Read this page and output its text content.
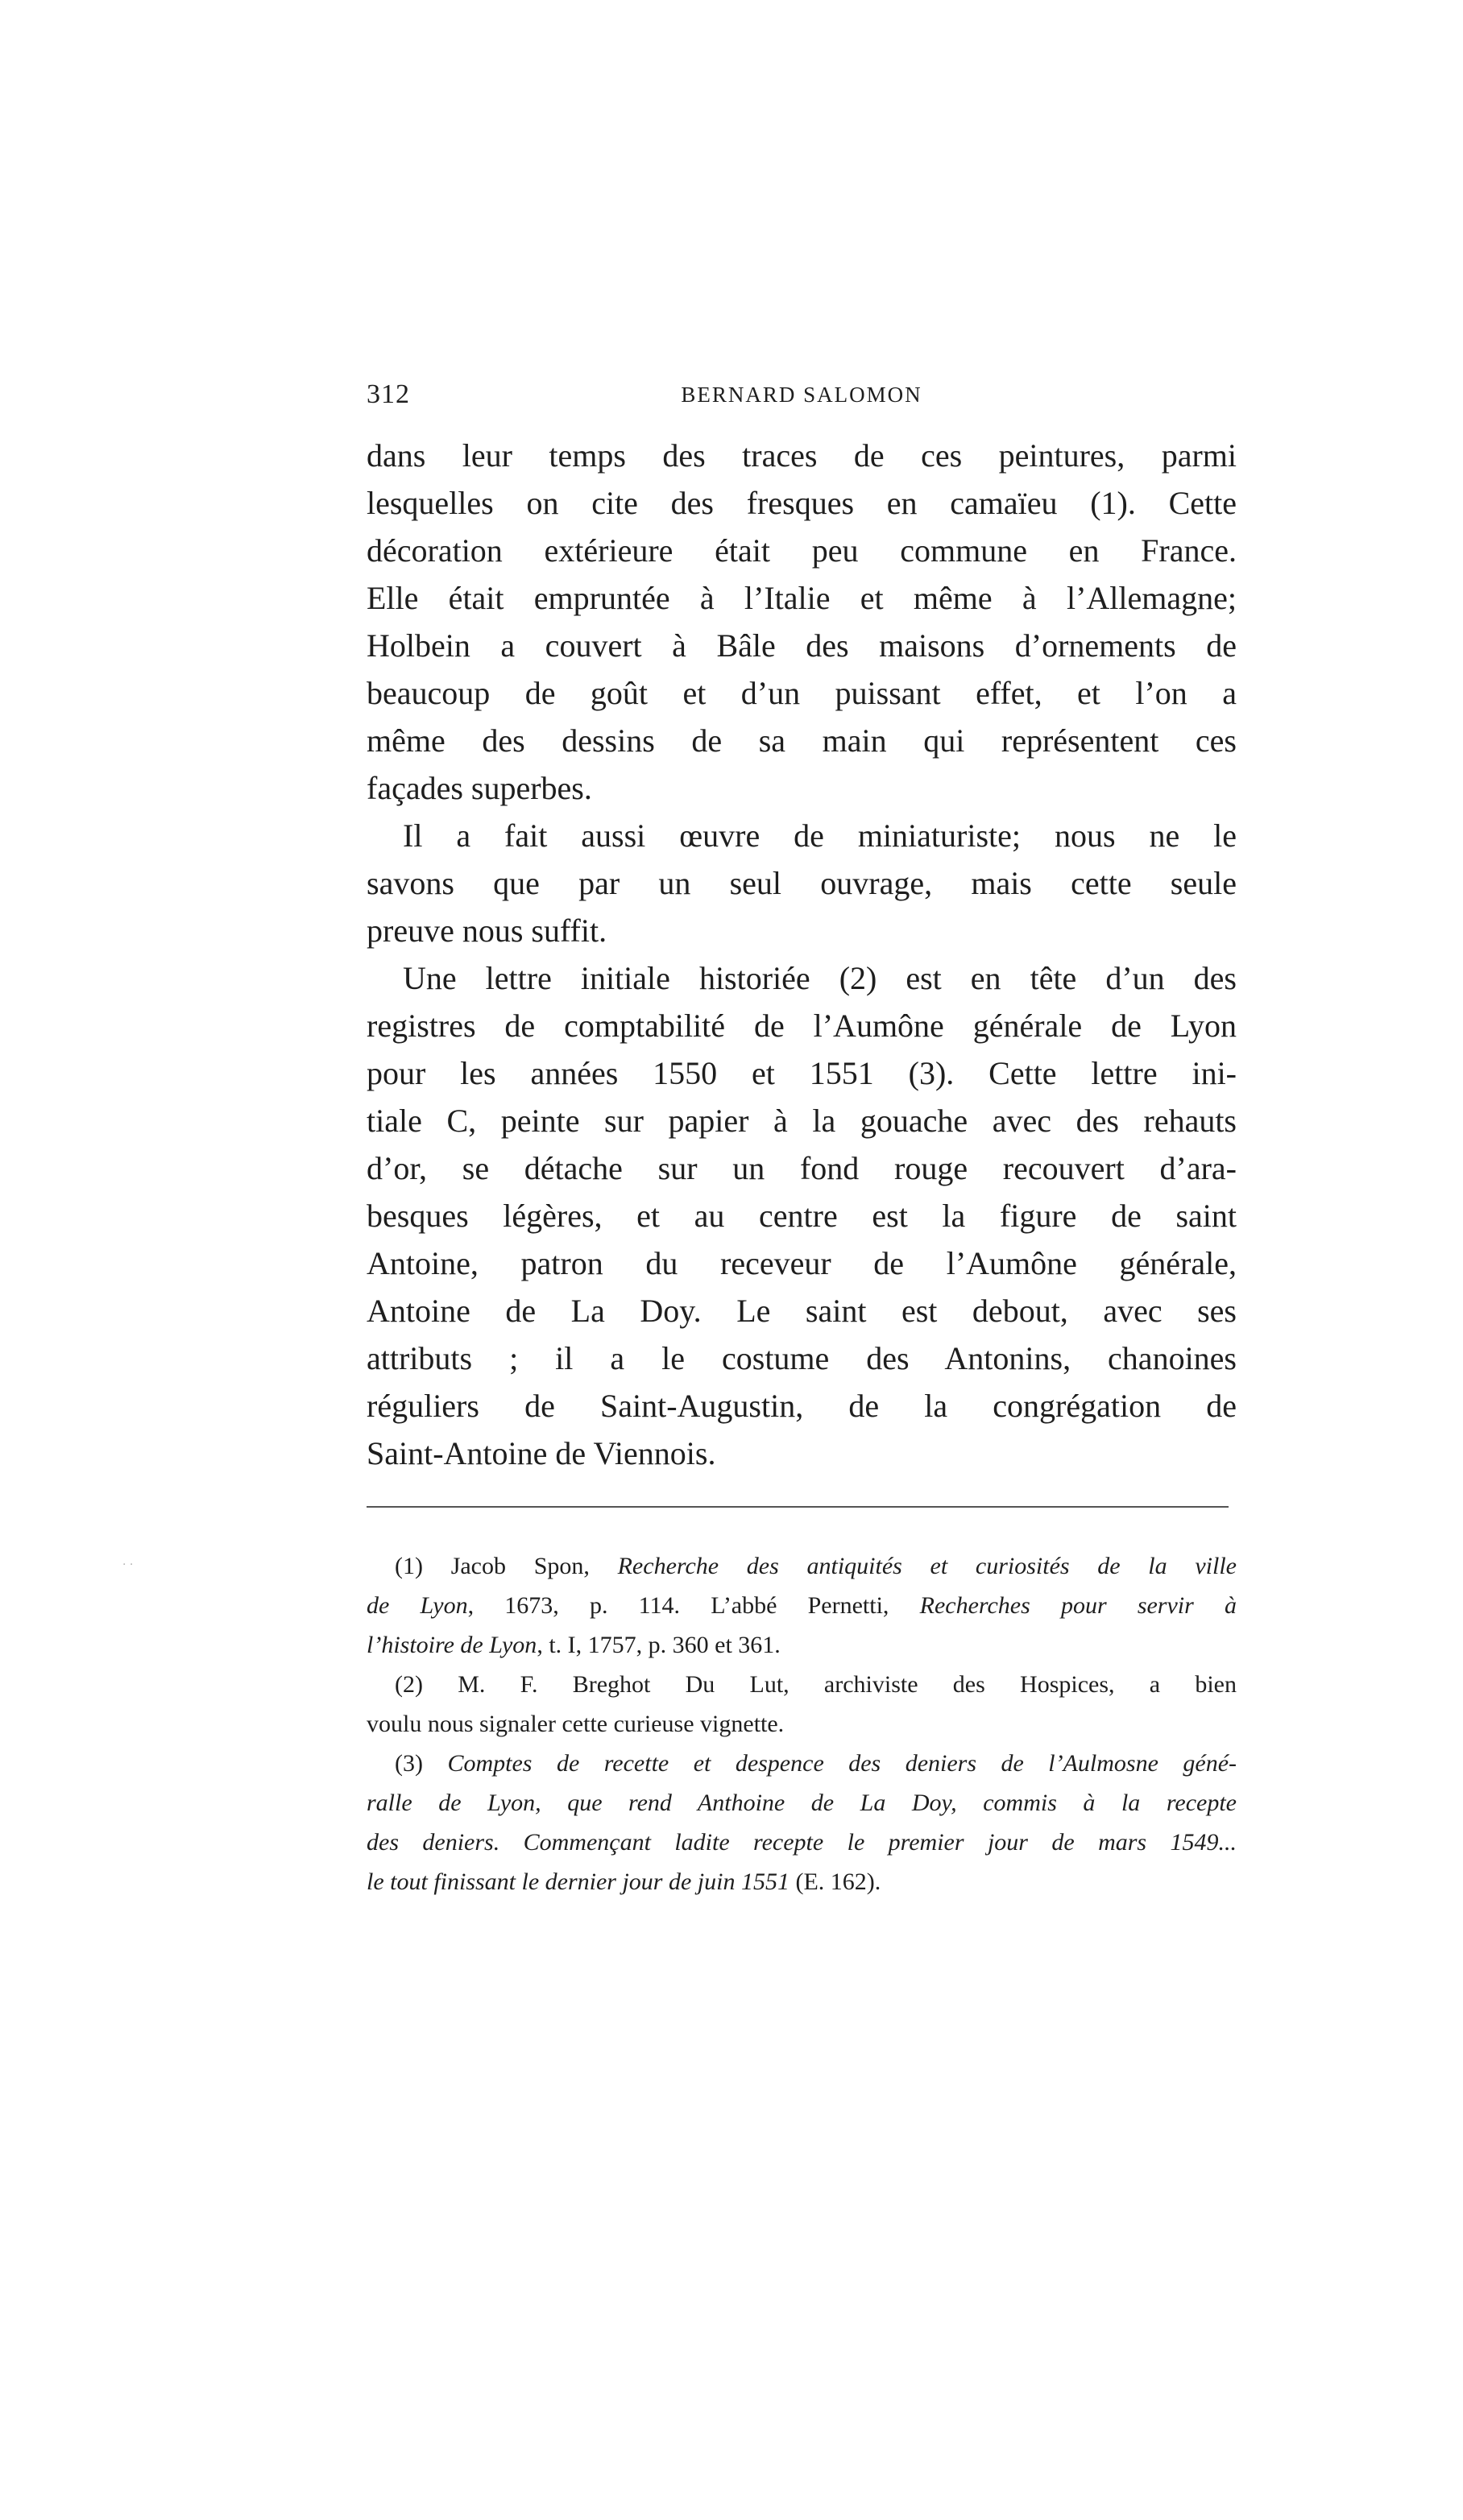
312	BERNARD SALOMON
dans leur temps des traces de ces peintures, parmi
lesquelles on cite des fresques en camaïeu (1). Cette
décoration extérieure était peu commune en France.
Elle était empruntée à l’Italie et même à l’Allemagne;
Holbein a couvert à Bâle des maisons d’ornements de
beaucoup de goût et d’un puissant effet, et l’on a
même des dessins de sa main qui représentent ces
façades superbes.
Il a fait aussi œuvre de miniaturiste; nous ne le
savons que par un seul ouvrage, mais cette seule
preuve nous suffit.
Une lettre initiale historiée (2) est en tête d’un des
registres de comptabilité de l’Aumône générale de Lyon
pour les années 1550 et 1551 (3). Cette lettre ini-
tiale C, peinte sur papier à la gouache avec des rehauts
d’or, se détache sur un fond rouge recouvert d’ara-
besques légères, et au centre est la figure de saint
Antoine, patron du receveur de l’Aumône générale,
Antoine de La Doy. Le saint est debout, avec ses
attributs ; il a le costume des Antonins, chanoines
réguliers de Saint-Augustin, de la congrégation de
Saint-Antoine de Viennois.
(1) Jacob Spon, Recherche des antiquités et curiosités de la ville
de Lyon, 1673, p. 114. L’abbé Pernetti, Recherches pour servir à
l’histoire de Lyon, t. I, 1757, p. 360 et 361.
(2) M. F. Breghot Du Lut, archiviste des Hospices, a bien
voulu nous signaler cette curieuse vignette.
(3) Comptes de recette et despence des deniers de l’Aulmosne géné-
ralle de Lyon, que rend Anthoine de La Doy, commis à la recepte
des deniers. Commençant ladite recepte le premier jour de mars 1549...
le tout finissant le dernier jour de juin 1551 (E. 162).
· ·
